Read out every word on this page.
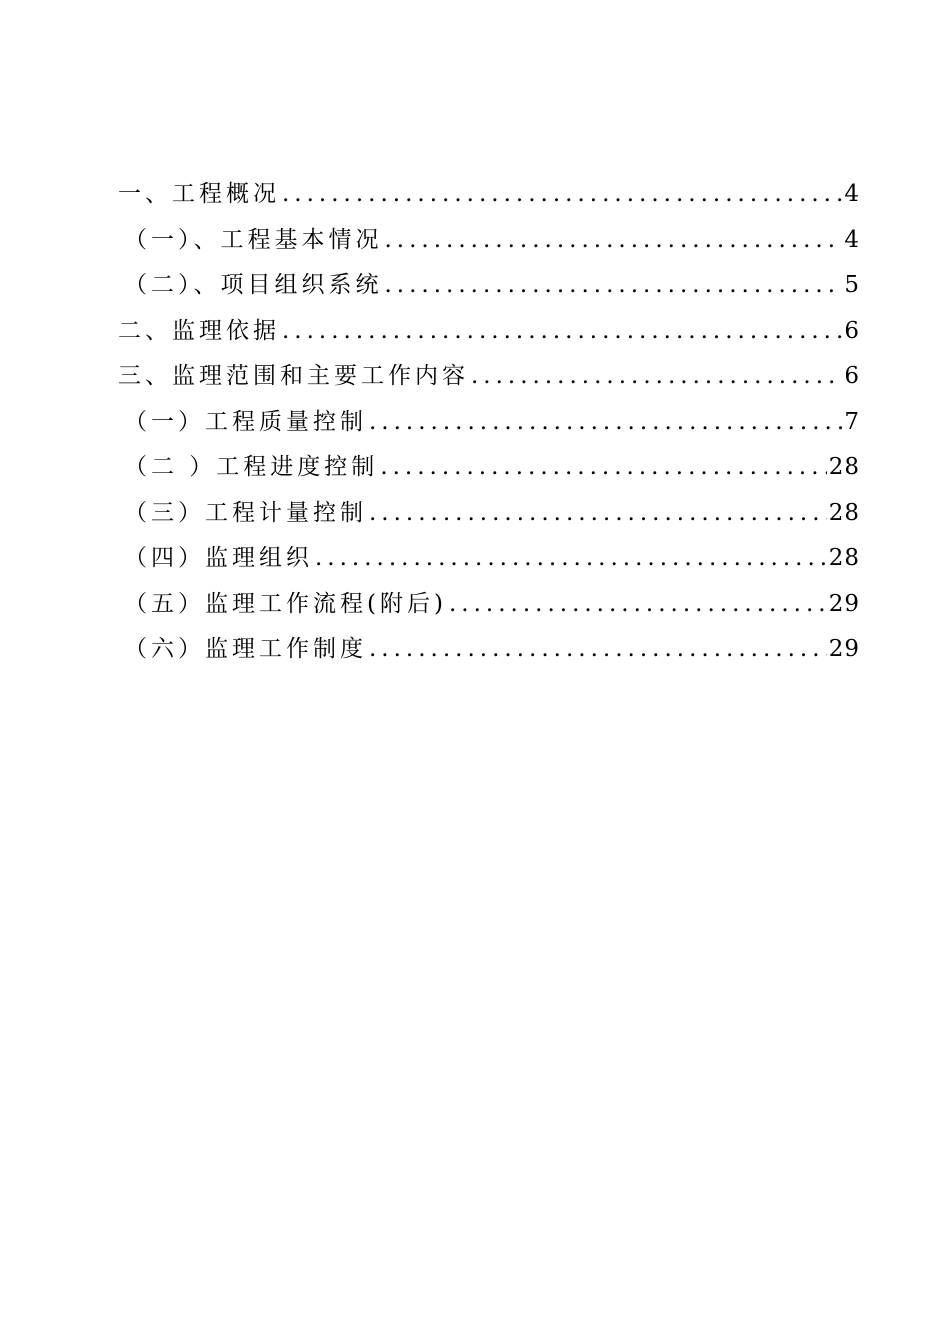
一、工程概况 .....	4
（一）、工程基本情况 .....	4
（二）、项目组织系统 .....	5
二、监理依据 .....	6
三、监理范围和主要工作内容 .....	6
（一）工程质量控制 .....	7
（二 ）工程进度控制 .....	28
（三）工程计量控制 .....	28
（四）监理组织 .....	28
（五）监理工作流程(附后) .....	29
（六）监理工作制度 .....	29
